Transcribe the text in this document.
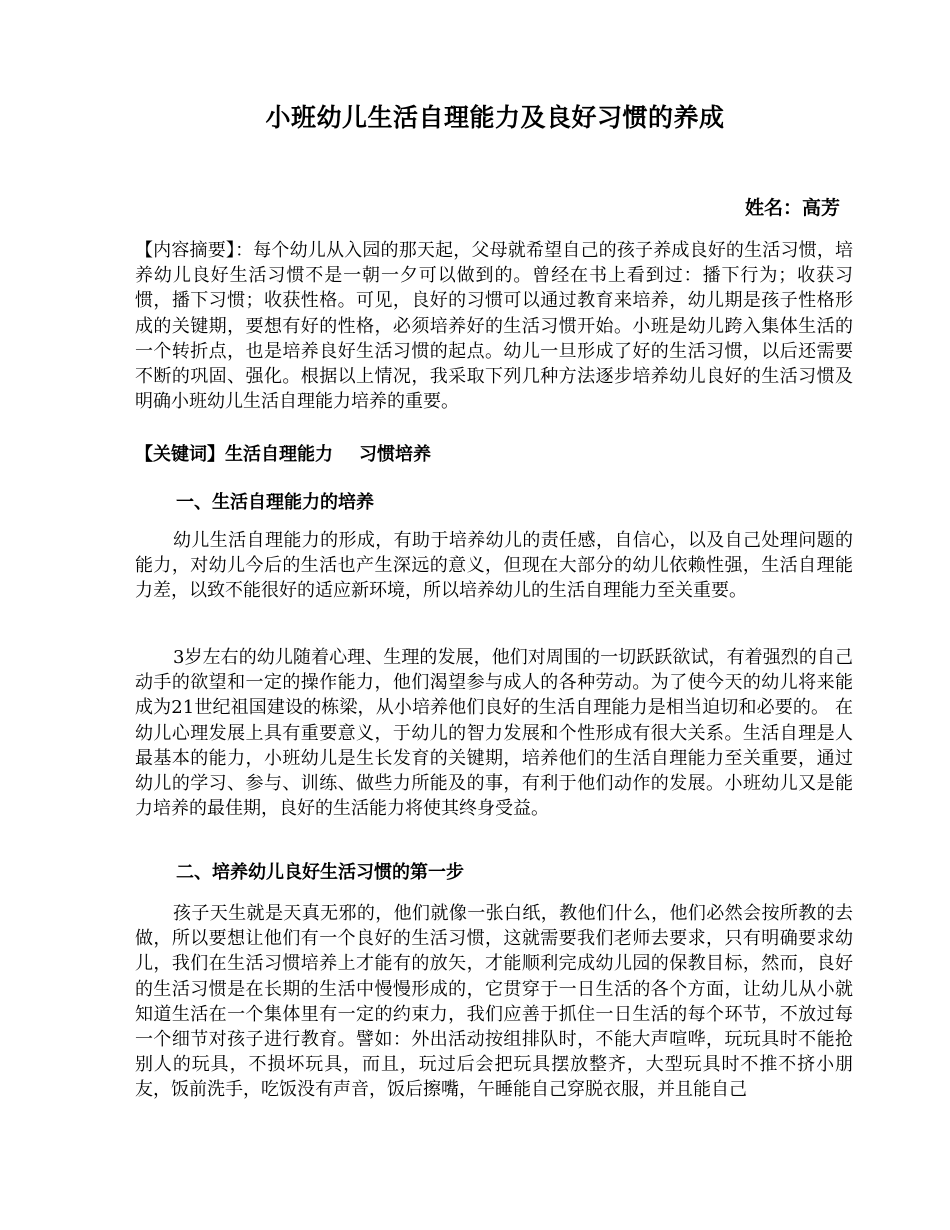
小班幼儿生活自理能力及良好习惯的养成

姓名：高芳

【内容摘要】：每个幼儿从入园的那天起，父母就希望自己的孩子养成良好的生活习惯，培养幼儿良好生活习惯不是一朝一夕可以做到的。曾经在书上看到过：播下行为；收获习惯，播下习惯；收获性格。可见，良好的习惯可以通过教育来培养，幼儿期是孩子性格形成的关键期，要想有好的性格，必须培养好的生活习惯开始。小班是幼儿跨入集体生活的一个转折点，也是培养良好生活习惯的起点。幼儿一旦形成了好的生活习惯，以后还需要不断的巩固、强化。根据以上情况，我采取下列几种方法逐步培养幼儿良好的生活习惯及明确小班幼儿生活自理能力培养的重要。

【关键词】生活自理能力 习惯培养

一、生活自理能力的培养

幼儿生活自理能力的形成，有助于培养幼儿的责任感，自信心，以及自己处理问题的能力，对幼儿今后的生活也产生深远的意义，但现在大部分的幼儿依赖性强，生活自理能力差，以致不能很好的适应新环境，所以培养幼儿的生活自理能力至关重要。

3岁左右的幼儿随着心理、生理的发展，他们对周围的一切跃跃欲试，有着强烈的自己动手的欲望和一定的操作能力，他们渴望参与成人的各种劳动。为了使今天的幼儿将来能成为21世纪祖国建设的栋梁，从小培养他们良好的生活自理能力是相当迫切和必要的。 在幼儿心理发展上具有重要意义，于幼儿的智力发展和个性形成有很大关系。生活自理是人最基本的能力，小班幼儿是生长发育的关键期，培养他们的生活自理能力至关重要，通过幼儿的学习、参与、训练、做些力所能及的事，有利于他们动作的发展。小班幼儿又是能力培养的最佳期，良好的生活能力将使其终身受益。

二、培养幼儿良好生活习惯的第一步

孩子天生就是天真无邪的，他们就像一张白纸，教他们什么，他们必然会按所教的去做，所以要想让他们有一个良好的生活习惯，这就需要我们老师去要求，只有明确要求幼儿，我们在生活习惯培养上才能有的放矢，才能顺利完成幼儿园的保教目标，然而，良好的生活习惯是在长期的生活中慢慢形成的，它贯穿于一日生活的各个方面，让幼儿从小就知道生活在一个集体里有一定的约束力，我们应善于抓住一日生活的每个环节，不放过每一个细节对孩子进行教育。譬如：外出活动按组排队时，不能大声喧哗，玩玩具时不能抢别人的玩具，不损坏玩具，而且，玩过后会把玩具摆放整齐，大型玩具时不推不挤小朋友，饭前洗手，吃饭没有声音，饭后擦嘴，午睡能自己穿脱衣服，并且能自己
